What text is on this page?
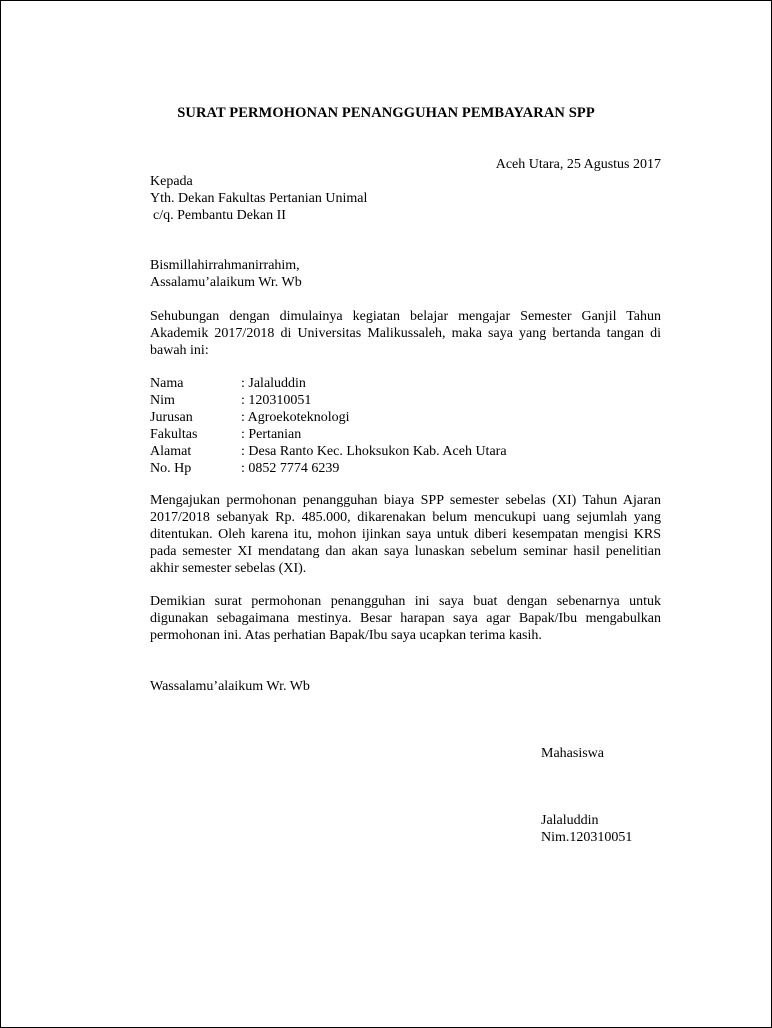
SURAT PERMOHONAN PENANGGUHAN PEMBAYARAN SPP
Aceh Utara, 25 Agustus 2017
Kepada
Yth. Dekan Fakultas Pertanian Unimal
c/q. Pembantu Dekan II
Bismillahirrahmanirrahim,
Assalamu’alaikum Wr. Wb
Sehubungan dengan dimulainya kegiatan belajar mengajar Semester Ganjil Tahun Akademik 2017/2018 di Universitas Malikussaleh, maka saya yang bertanda tangan di bawah ini:
Nama	: Jalaluddin
Nim	: 120310051
Jurusan	: Agroekoteknologi
Fakultas	: Pertanian
Alamat	: Desa Ranto Kec. Lhoksukon Kab. Aceh Utara
No. Hp	: 0852 7774 6239
Mengajukan permohonan penangguhan biaya SPP semester sebelas (XI) Tahun Ajaran 2017/2018 sebanyak Rp. 485.000, dikarenakan belum mencukupi uang sejumlah yang ditentukan. Oleh karena itu, mohon ijinkan saya untuk diberi kesempatan mengisi KRS pada semester XI mendatang dan akan saya lunaskan sebelum seminar hasil penelitian akhir semester sebelas (XI).
Demikian surat permohonan penangguhan ini saya buat dengan sebenarnya untuk digunakan sebagaimana mestinya. Besar harapan saya agar Bapak/Ibu mengabulkan permohonan ini. Atas perhatian Bapak/Ibu saya ucapkan terima kasih.
Wassalamu’alaikum Wr. Wb
Mahasiswa
Jalaluddin
Nim.120310051
